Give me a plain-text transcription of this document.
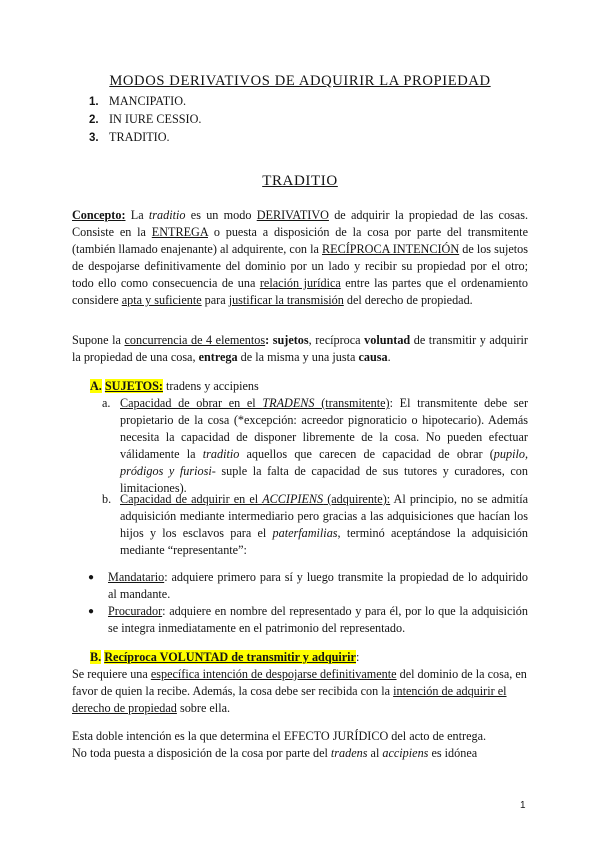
MODOS DERIVATIVOS DE ADQUIRIR LA PROPIEDAD
1. MANCIPATIO.
2. IN IURE CESSIO.
3. TRADITIO.
TRADITIO

Concepto: La traditio es un modo DERIVATIVO de adquirir la propiedad de las cosas. Consiste en la ENTREGA o puesta a disposición de la cosa por parte del transmitente (también llamado enajenante) al adquirente, con la RECÍPROCA INTENCIÓN de los sujetos de despojarse definitivamente del dominio por un lado y recibir su propiedad por el otro; todo ello como consecuencia de una relación jurídica entre las partes que el ordenamiento considere apta y suficiente para justificar la transmisión del derecho de propiedad.

Supone la concurrencia de 4 elementos: sujetos, recíproca voluntad de transmitir y adquirir la propiedad de una cosa, entrega de la misma y una justa causa.

A. SUJETOS: tradens y accipiens

a. Capacidad de obrar en el TRADENS (transmitente): El transmitente debe ser propietario de la cosa (*excepción: acreedor pignoraticio o hipotecario). Además necesita la capacidad de disponer libremente de la cosa. No pueden efectuar válidamente la traditio aquellos que carecen de capacidad de obrar (pupilo, pródigos y furiosi- suple la falta de capacidad de sus tutores y curadores, con limitaciones).
b. Capacidad de adquirir en el ACCIPIENS (adquirente): Al principio, no se admitía adquisición mediante intermediario pero gracias a las adquisiciones que hacían los hijos y los esclavos para el paterfamilias, terminó aceptándose la adquisición mediante “representante”:
● Mandatario: adquiere primero para sí y luego transmite la propiedad de lo adquirido al mandante.
● Procurador: adquiere en nombre del representado y para él, por lo que la adquisición se integra inmediatamente en el patrimonio del representado.

B. Recíproca VOLUNTAD de transmitir y adquirir:

Se requiere una específica intención de despojarse definitivamente del dominio de la cosa, en favor de quien la recibe. Además, la cosa debe ser recibida con la intención de adquirir el derecho de propiedad sobre ella.

Esta doble intención es la que determina el EFECTO JURÍDICO del acto de entrega.
No toda puesta a disposición de la cosa por parte del tradens al accipiens es idónea

1
